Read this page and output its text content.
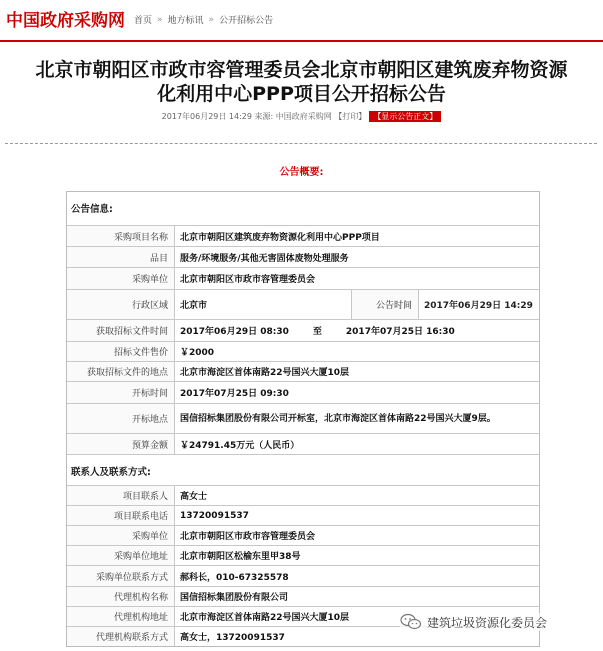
中国政府采购网 首页 » 地方标讯 » 公开招标公告
北京市朝阳区市政市容管理委员会北京市朝阳区建筑废弃物资源
化利用中心PPP项目公开招标公告
2017年06月29日 14:29 来源: 中国政府采购网 【打印】 【显示公告正文】
公告概要:
公告信息:
采购项目名称	北京市朝阳区建筑废弃物资源化利用中心PPP项目
品目	服务/环境服务/其他无害固体废物处理服务
采购单位	北京市朝阳区市政市容管理委员会
行政区域	北京市	公告时间	2017年06月29日 14:29
获取招标文件时间	2017年06月29日 08:30	至	2017年07月25日 16:30
招标文件售价	￥2000
获取招标文件的地点	北京市海淀区首体南路22号国兴大厦10层
开标时间	2017年07月25日 09:30
开标地点	国信招标集团股份有限公司开标室，北京市海淀区首体南路22号国兴大厦9层。
预算金额	￥24791.45万元（人民币）
联系人及联系方式:
项目联系人	高女士
项目联系电话	13720091537
采购单位	北京市朝阳区市政市容管理委员会
采购单位地址	北京市朝阳区松榆东里甲38号
采购单位联系方式	郝科长，010-67325578
代理机构名称	国信招标集团股份有限公司
代理机构地址	北京市海淀区首体南路22号国兴大厦10层
代理机构联系方式	高女士，13720091537
建筑垃圾资源化委员会
